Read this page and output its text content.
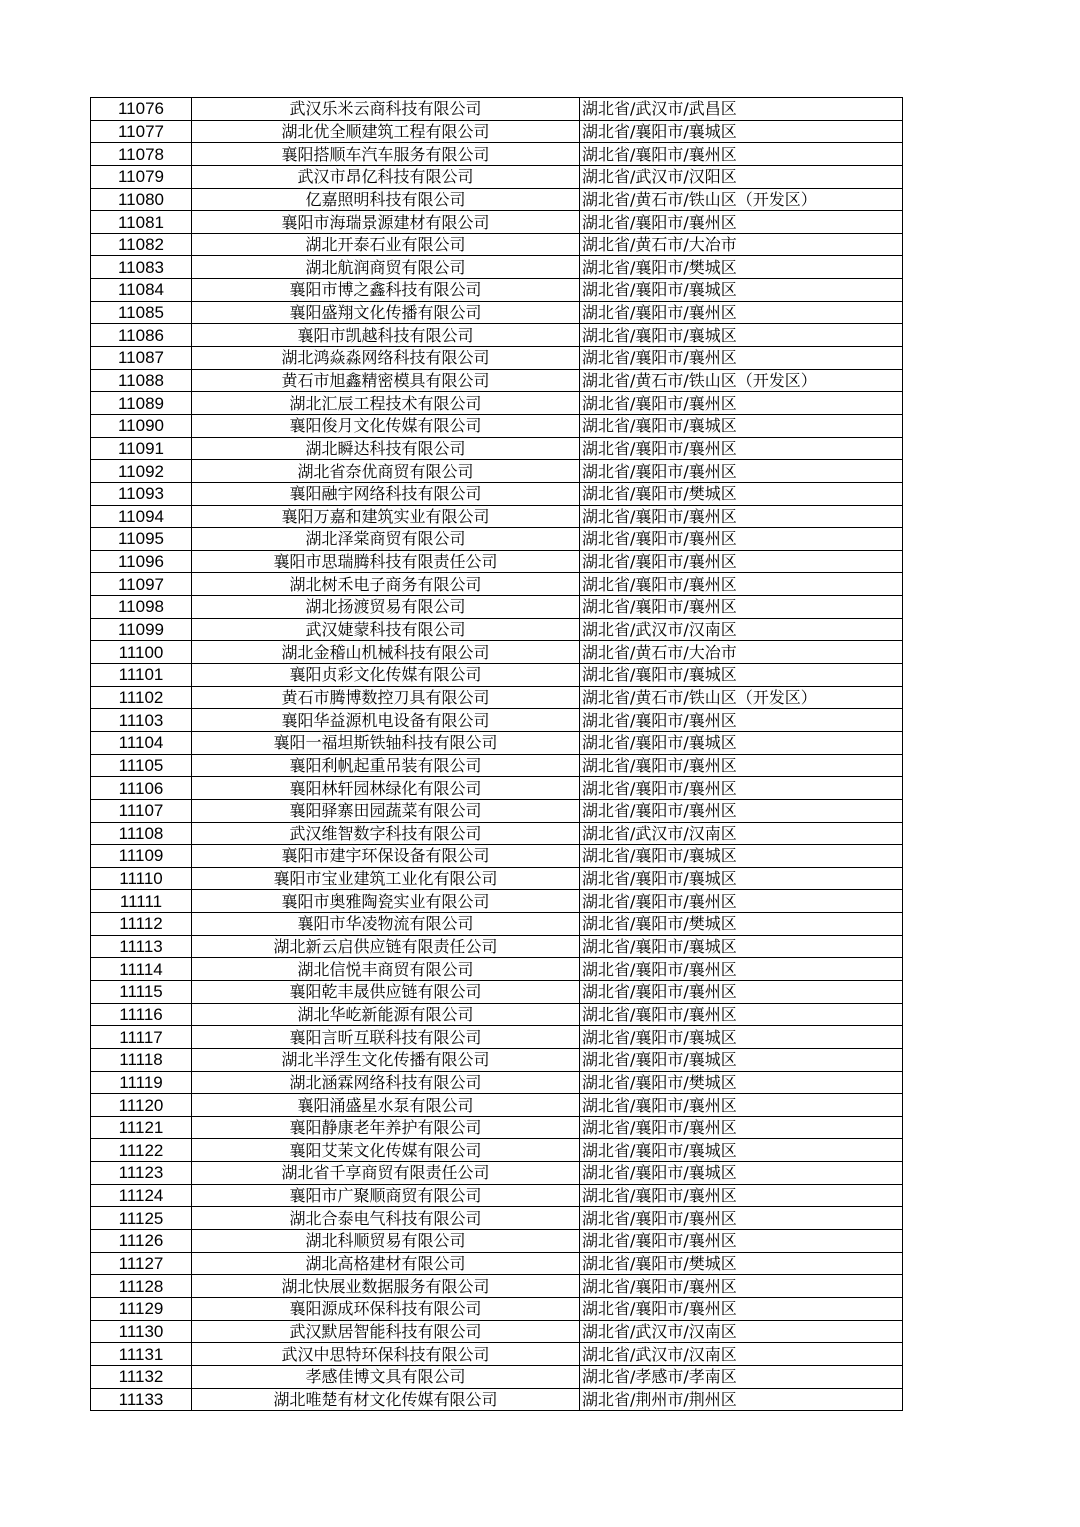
11076	武汉乐米云商科技有限公司	湖北省/武汉市/武昌区
11077	湖北优全顺建筑工程有限公司	湖北省/襄阳市/襄城区
11078	襄阳搭顺车汽车服务有限公司	湖北省/襄阳市/襄州区
11079	武汉市昂亿科技有限公司	湖北省/武汉市/汉阳区
11080	亿嘉照明科技有限公司	湖北省/黄石市/铁山区（开发区）
11081	襄阳市海瑞景源建材有限公司	湖北省/襄阳市/襄州区
11082	湖北开泰石业有限公司	湖北省/黄石市/大冶市
11083	湖北航润商贸有限公司	湖北省/襄阳市/樊城区
11084	襄阳市博之鑫科技有限公司	湖北省/襄阳市/襄城区
11085	襄阳盛翔文化传播有限公司	湖北省/襄阳市/襄州区
11086	襄阳市凯越科技有限公司	湖北省/襄阳市/襄城区
11087	湖北鸿焱淼网络科技有限公司	湖北省/襄阳市/襄州区
11088	黄石市旭鑫精密模具有限公司	湖北省/黄石市/铁山区（开发区）
11089	湖北汇辰工程技术有限公司	湖北省/襄阳市/襄州区
11090	襄阳俊月文化传媒有限公司	湖北省/襄阳市/襄城区
11091	湖北瞬达科技有限公司	湖北省/襄阳市/襄州区
11092	湖北省奈优商贸有限公司	湖北省/襄阳市/襄州区
11093	襄阳融宇网络科技有限公司	湖北省/襄阳市/樊城区
11094	襄阳万嘉和建筑实业有限公司	湖北省/襄阳市/襄州区
11095	湖北泽棠商贸有限公司	湖北省/襄阳市/襄州区
11096	襄阳市思瑞腾科技有限责任公司	湖北省/襄阳市/襄州区
11097	湖北树禾电子商务有限公司	湖北省/襄阳市/襄州区
11098	湖北扬渡贸易有限公司	湖北省/襄阳市/襄州区
11099	武汉婕蒙科技有限公司	湖北省/武汉市/汉南区
11100	湖北金稽山机械科技有限公司	湖北省/黄石市/大冶市
11101	襄阳贞彩文化传媒有限公司	湖北省/襄阳市/襄城区
11102	黄石市腾博数控刀具有限公司	湖北省/黄石市/铁山区（开发区）
11103	襄阳华益源机电设备有限公司	湖北省/襄阳市/襄州区
11104	襄阳一福坦斯铁轴科技有限公司	湖北省/襄阳市/襄城区
11105	襄阳利帆起重吊装有限公司	湖北省/襄阳市/襄州区
11106	襄阳林轩园林绿化有限公司	湖北省/襄阳市/襄州区
11107	襄阳驿寨田园蔬菜有限公司	湖北省/襄阳市/襄州区
11108	武汉维智数字科技有限公司	湖北省/武汉市/汉南区
11109	襄阳市建宇环保设备有限公司	湖北省/襄阳市/襄城区
11110	襄阳市宝业建筑工业化有限公司	湖北省/襄阳市/襄城区
11111	襄阳市奥雅陶瓷实业有限公司	湖北省/襄阳市/襄州区
11112	襄阳市华凌物流有限公司	湖北省/襄阳市/樊城区
11113	湖北新云启供应链有限责任公司	湖北省/襄阳市/襄城区
11114	湖北信悦丰商贸有限公司	湖北省/襄阳市/襄州区
11115	襄阳乾丰晟供应链有限公司	湖北省/襄阳市/襄州区
11116	湖北华屹新能源有限公司	湖北省/襄阳市/襄州区
11117	襄阳言昕互联科技有限公司	湖北省/襄阳市/襄城区
11118	湖北半浮生文化传播有限公司	湖北省/襄阳市/襄城区
11119	湖北涵霖网络科技有限公司	湖北省/襄阳市/樊城区
11120	襄阳涌盛星水泵有限公司	湖北省/襄阳市/襄州区
11121	襄阳静康老年养护有限公司	湖北省/襄阳市/襄州区
11122	襄阳艾茉文化传媒有限公司	湖北省/襄阳市/襄城区
11123	湖北省千享商贸有限责任公司	湖北省/襄阳市/襄城区
11124	襄阳市广聚顺商贸有限公司	湖北省/襄阳市/襄州区
11125	湖北合泰电气科技有限公司	湖北省/襄阳市/襄州区
11126	湖北科顺贸易有限公司	湖北省/襄阳市/襄州区
11127	湖北高格建材有限公司	湖北省/襄阳市/樊城区
11128	湖北快展业数据服务有限公司	湖北省/襄阳市/襄州区
11129	襄阳源成环保科技有限公司	湖北省/襄阳市/襄州区
11130	武汉默居智能科技有限公司	湖北省/武汉市/汉南区
11131	武汉中思特环保科技有限公司	湖北省/武汉市/汉南区
11132	孝感佳博文具有限公司	湖北省/孝感市/孝南区
11133	湖北唯楚有材文化传媒有限公司	湖北省/荆州市/荆州区
